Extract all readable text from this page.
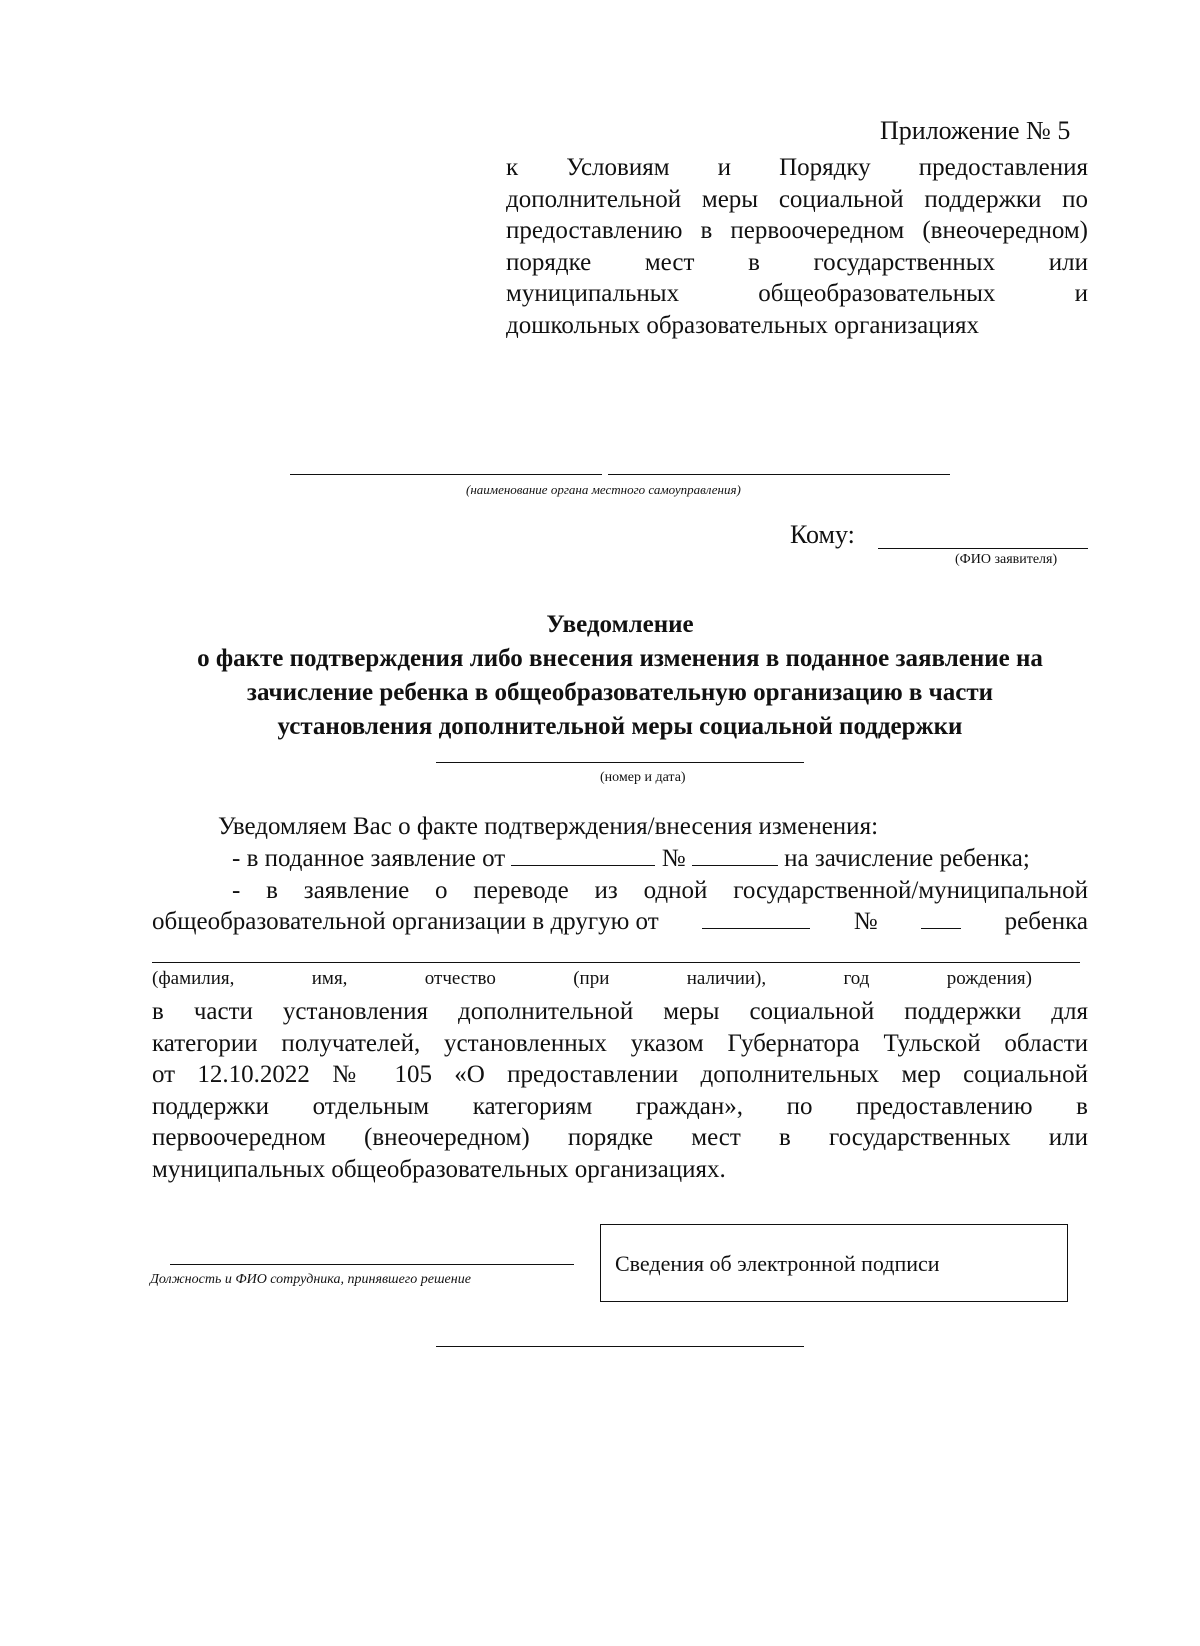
Приложение № 5
к Условиям и Порядку предоставления
дополнительной меры социальной поддержки по
предоставлению в первоочередном (внеочередном)
порядке мест в государственных или
муниципальных общеобразовательных и
дошкольных образовательных организациях
(наименование органа местного самоуправления)
Кому:
(ФИО заявителя)
Уведомление
о факте подтверждения либо внесения изменения в поданное заявление на
зачисление ребенка в общеобразовательную организацию в части
установления дополнительной меры социальной поддержки
(номер и дата)
Уведомляем Вас о факте подтверждения/внесения изменения:
- в поданное заявление от	№	на зачисление ребенка;
- в заявление о переводе из одной государственной/муниципальной
общеобразовательной организации в другую от	№	ребенка
(фамилия,	имя,	отчество	(при	наличии),	год	рождения)
в части установления дополнительной меры социальной поддержки для
категории получателей, установленных указом Губернатора Тульской области
от 12.10.2022 № 105 «О предоставлении дополнительных мер социальной
поддержки отдельным категориям граждан», по предоставлению в
первоочередном (внеочередном) порядке мест в государственных или
муниципальных общеобразовательных организациях.
Должность и ФИО сотрудника, принявшего решение
Сведения об электронной подписи
